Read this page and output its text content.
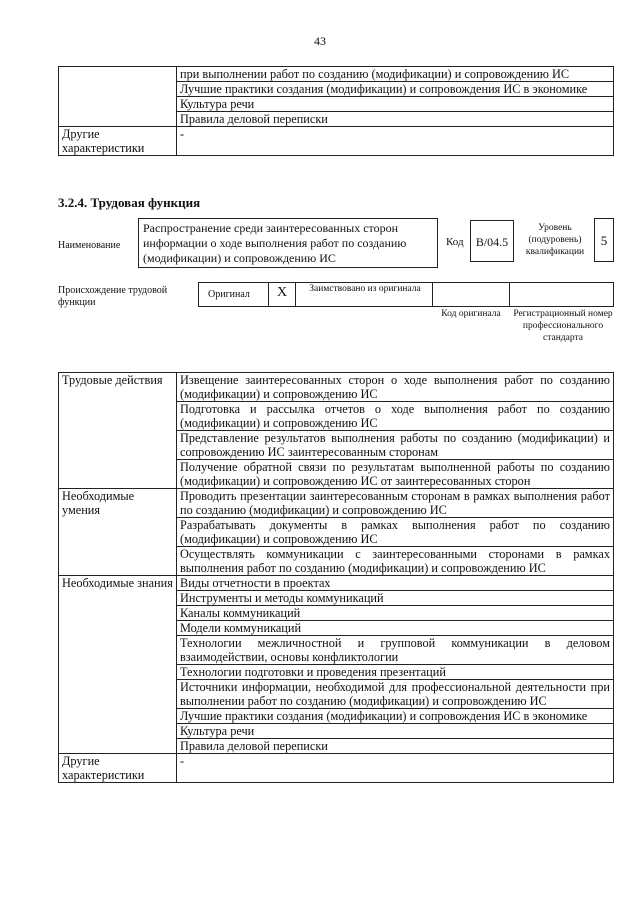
43
	при выполнении работ по созданию (модификации) и сопровождению ИС
	Лучшие практики создания (модификации) и сопровождения ИС в экономике
	Культура речи
	Правила деловой переписки
Другие характеристики	-
3.2.4. Трудовая функция
Наименование
Распространение среди заинтересованных сторон информации о ходе выполнения работ по созданию (модификации) и сопровождению ИС
Код	B/04.5
Уровень (подуровень) квалификации
5
Происхождение трудовой функции
Оригинал	X	Заимствовано из оригинала
Код оригинала	Регистрационный номер профессионального стандарта
Трудовые действия	Извещение заинтересованных сторон о ходе выполнения работ по созданию (модификации) и сопровождению ИС
	Подготовка и рассылка отчетов о ходе выполнения работ по созданию (модификации) и сопровождению ИС
	Представление результатов выполнения работы по созданию (модификации) и сопровождению ИС заинтересованным сторонам
	Получение обратной связи по результатам выполненной работы по созданию (модификации) и сопровождению ИС от заинтересованных сторон
Необходимые умения	Проводить презентации заинтересованным сторонам в рамках выполнения работ по созданию (модификации) и сопровождению ИС
	Разрабатывать документы в рамках выполнения работ по созданию (модификации) и сопровождению ИС
	Осуществлять коммуникации с заинтересованными сторонами в рамках выполнения работ по созданию (модификации) и сопровождению ИС
Необходимые знания	Виды отчетности в проектах
	Инструменты и методы коммуникаций
	Каналы коммуникаций
	Модели коммуникаций
	Технологии межличностной и групповой коммуникации в деловом взаимодействии, основы конфликтологии
	Технологии подготовки и проведения презентаций
	Источники информации, необходимой для профессиональной деятельности при выполнении работ по созданию (модификации) и сопровождению ИС
	Лучшие практики создания (модификации) и сопровождения ИС в экономике
	Культура речи
	Правила деловой переписки
Другие характеристики	-
